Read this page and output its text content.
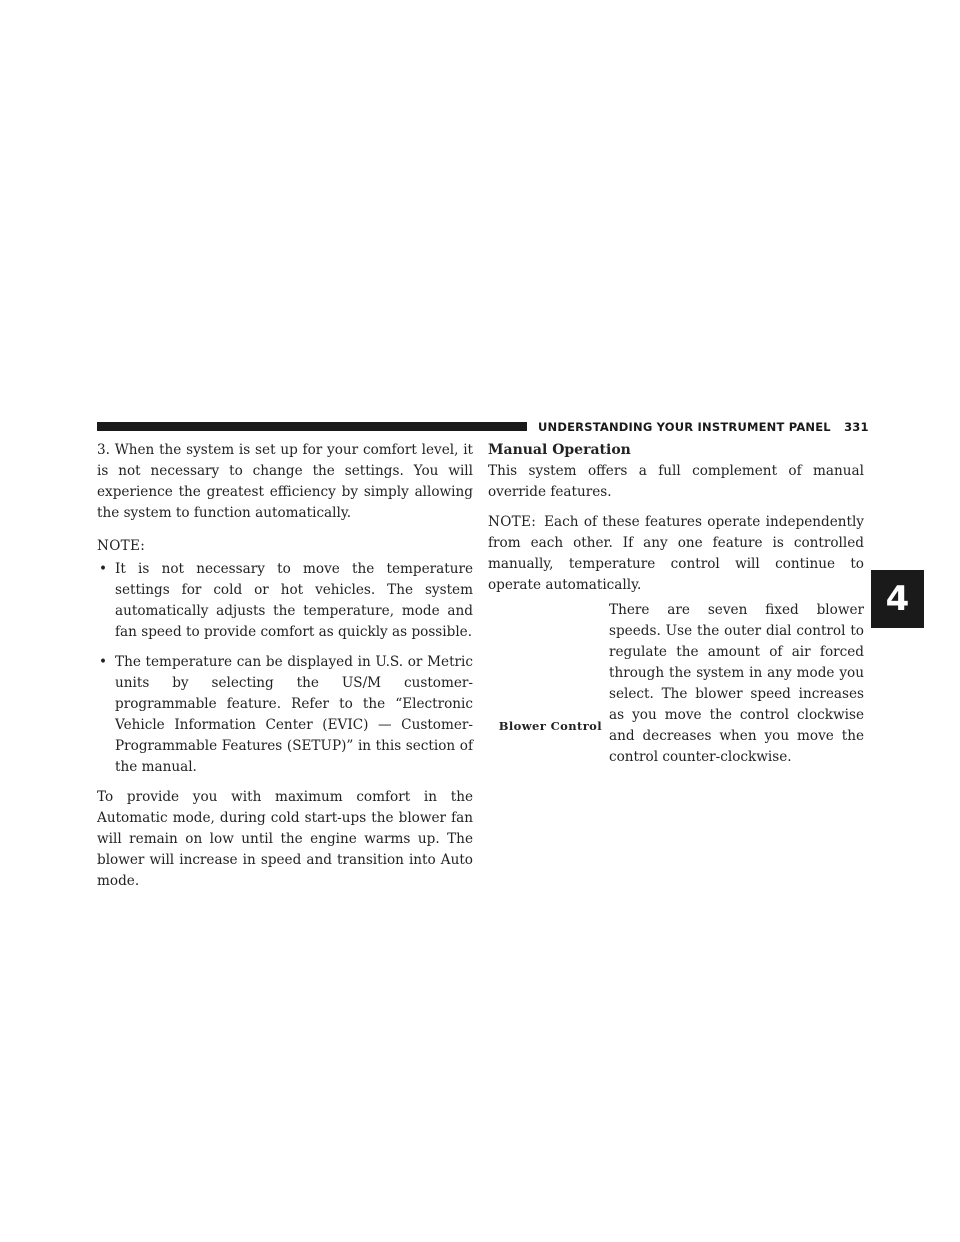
UNDERSTANDING YOUR INSTRUMENT PANEL 331
4

3. When the system is set up for your comfort level, it is not necessary to change the settings. You will experience the greatest efficiency by simply allowing the system to function automatically.

NOTE:
• It is not necessary to move the temperature settings for cold or hot vehicles. The system automatically adjusts the temperature, mode and fan speed to provide comfort as quickly as possible.
• The temperature can be displayed in U.S. or Metric units by selecting the US/M customer-programmable feature. Refer to the “Electronic Vehicle Information Center (EVIC) — Customer-Programmable Features (SETUP)” in this section of the manual.

To provide you with maximum comfort in the Automatic mode, during cold start-ups the blower fan will remain on low until the engine warms up. The blower will increase in speed and transition into Auto mode.

Manual Operation

This system offers a full complement of manual override features.

NOTE: Each of these features operate independently from each other. If any one feature is controlled manually, temperature control will continue to operate automatically.

Blower Control
There are seven fixed blower speeds. Use the outer dial control to regulate the amount of air forced through the system in any mode you select. The blower speed increases as you move the control clockwise and decreases when you move the control counter-clockwise.
